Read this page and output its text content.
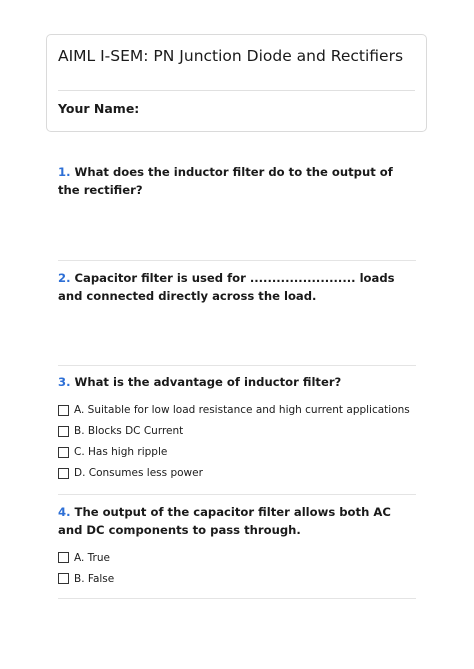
AIML I-SEM: PN Junction Diode and Rectifiers
Your Name:

1. What does the inductor filter do to the output of the rectifier?

2. Capacitor filter is used for ........................ loads and connected directly across the load.

3. What is the advantage of inductor filter?

A. Suitable for low load resistance and high current applications
B. Blocks DC Current
C. Has high ripple
D. Consumes less power

4. The output of the capacitor filter allows both AC and DC components to pass through.

A. True
B. False
